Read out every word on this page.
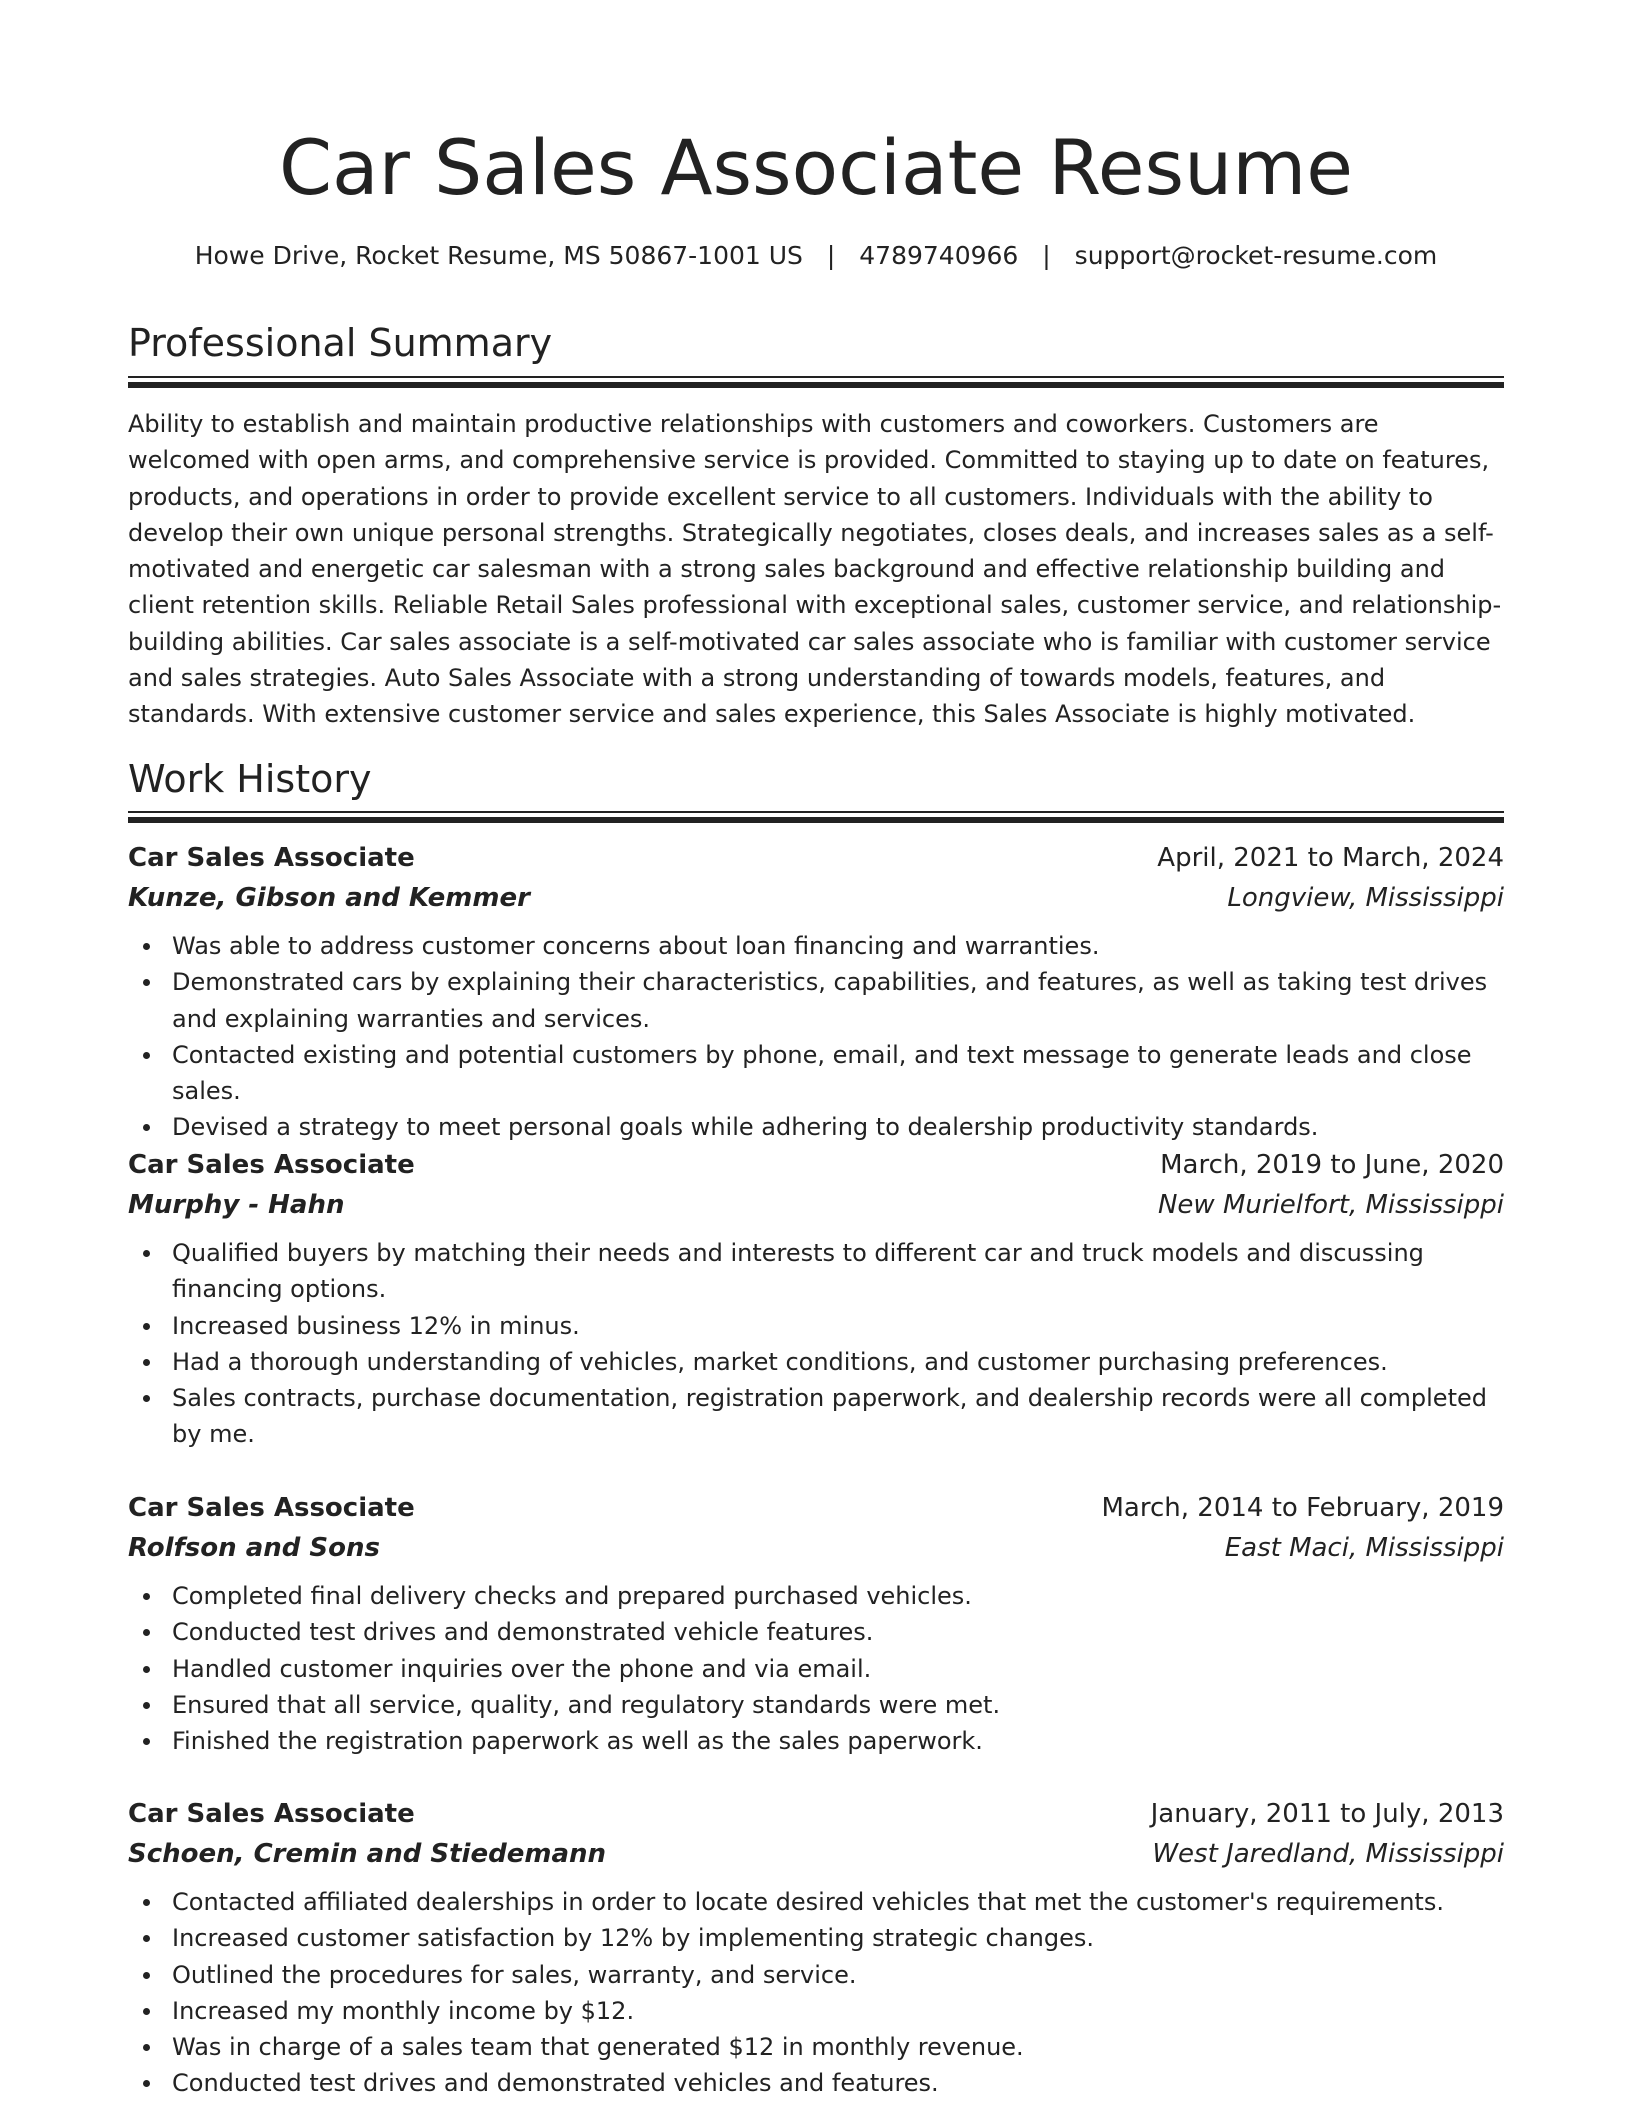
Car Sales Associate Resume
Howe Drive, Rocket Resume, MS 50867-1001 US | 4789740966 | support@rocket-resume.com
Professional Summary

Ability to establish and maintain productive relationships with customers and coworkers. Customers are welcomed with open arms, and comprehensive service is provided. Committed to staying up to date on features, products, and operations in order to provide excellent service to all customers. Individuals with the ability to develop their own unique personal strengths. Strategically negotiates, closes deals, and increases sales as a self-motivated and energetic car salesman with a strong sales background and effective relationship building and client retention skills. Reliable Retail Sales professional with exceptional sales, customer service, and relationship-building abilities. Car sales associate is a self-motivated car sales associate who is familiar with customer service and sales strategies. Auto Sales Associate with a strong understanding of towards models, features, and standards. With extensive customer service and sales experience, this Sales Associate is highly motivated.

Work History
Car Sales Associate	April, 2021 to March, 2024
Kunze, Gibson and Kemmer	Longview, Mississippi
Was able to address customer concerns about loan financing and warranties.
Demonstrated cars by explaining their characteristics, capabilities, and features, as well as taking test drives and explaining warranties and services.
Contacted existing and potential customers by phone, email, and text message to generate leads and close sales.
Devised a strategy to meet personal goals while adhering to dealership productivity standards.
Car Sales Associate	March, 2019 to June, 2020
Murphy - Hahn	New Murielfort, Mississippi
Qualified buyers by matching their needs and interests to different car and truck models and discussing financing options.
Increased business 12% in minus.
Had a thorough understanding of vehicles, market conditions, and customer purchasing preferences.
Sales contracts, purchase documentation, registration paperwork, and dealership records were all completed by me.
Car Sales Associate	March, 2014 to February, 2019
Rolfson and Sons	East Maci, Mississippi
Completed final delivery checks and prepared purchased vehicles.
Conducted test drives and demonstrated vehicle features.
Handled customer inquiries over the phone and via email.
Ensured that all service, quality, and regulatory standards were met.
Finished the registration paperwork as well as the sales paperwork.
Car Sales Associate	January, 2011 to July, 2013
Schoen, Cremin and Stiedemann	West Jaredland, Mississippi
Contacted affiliated dealerships in order to locate desired vehicles that met the customer's requirements.
Increased customer satisfaction by 12% by implementing strategic changes.
Outlined the procedures for sales, warranty, and service.
Increased my monthly income by $12.
Was in charge of a sales team that generated $12 in monthly revenue.
Conducted test drives and demonstrated vehicles and features.
